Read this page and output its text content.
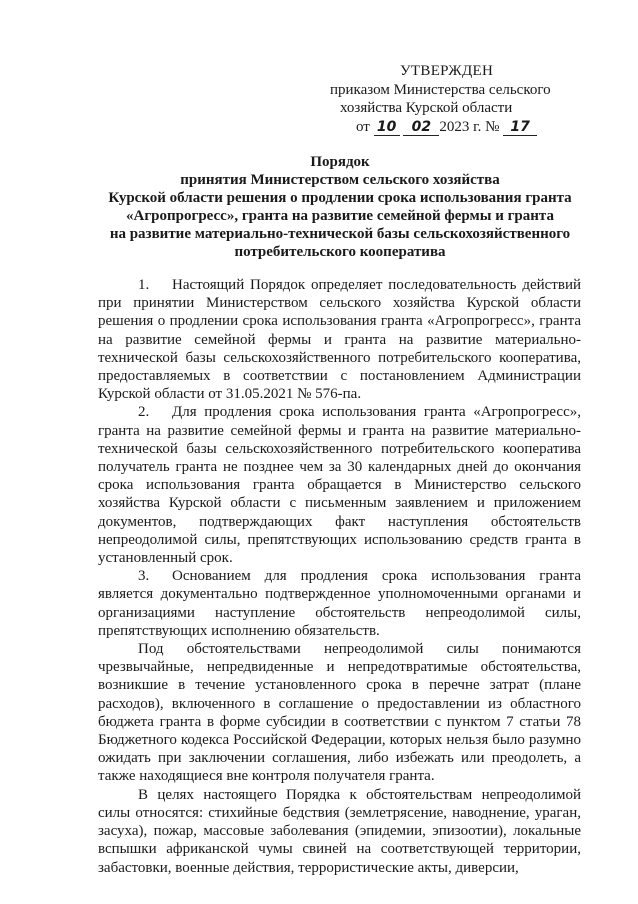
УТВЕРЖДЕН
приказом Министерства сельского
хозяйства Курской области
от 10 02 2023 г. № 17
Порядок
принятия Министерством сельского хозяйства
Курской области решения о продлении срока использования гранта
«Агропрогресс», гранта на развитие семейной фермы и гранта
на развитие материально-технической базы сельскохозяйственного
потребительского кооператива

1. Настоящий Порядок определяет последовательность действий при принятии Министерством сельского хозяйства Курской области решения о продлении срока использования гранта «Агропрогресс», гранта на развитие семейной фермы и гранта на развитие материально-технической базы сельскохозяйственного потребительского кооператива, предоставляемых в соответствии с постановлением Администрации Курской области от 31.05.2021 № 576-па.

2. Для продления срока использования гранта «Агропрогресс», гранта на развитие семейной фермы и гранта на развитие материально-технической базы сельскохозяйственного потребительского кооператива получатель гранта не позднее чем за 30 календарных дней до окончания срока использования гранта обращается в Министерство сельского хозяйства Курской области с письменным заявлением и приложением документов, подтверждающих факт наступления обстоятельств непреодолимой силы, препятствующих использованию средств гранта в установленный срок.

3. Основанием для продления срока использования гранта является документально подтвержденное уполномоченными органами и организациями наступление обстоятельств непреодолимой силы, препятствующих исполнению обязательств.

Под обстоятельствами непреодолимой силы понимаются чрезвычайные, непредвиденные и непредотвратимые обстоятельства, возникшие в течение установленного срока в перечне затрат (плане расходов), включенного в соглашение о предоставлении из областного бюджета гранта в форме субсидии в соответствии с пунктом 7 статьи 78 Бюджетного кодекса Российской Федерации, которых нельзя было разумно ожидать при заключении соглашения, либо избежать или преодолеть, а также находящиеся вне контроля получателя гранта.

В целях настоящего Порядка к обстоятельствам непреодолимой силы относятся: стихийные бедствия (землетрясение, наводнение, ураган, засуха), пожар, массовые заболевания (эпидемии, эпизоотии), локальные вспышки африканской чумы свиней на соответствующей территории, забастовки, военные действия, террористические акты, диверсии,
